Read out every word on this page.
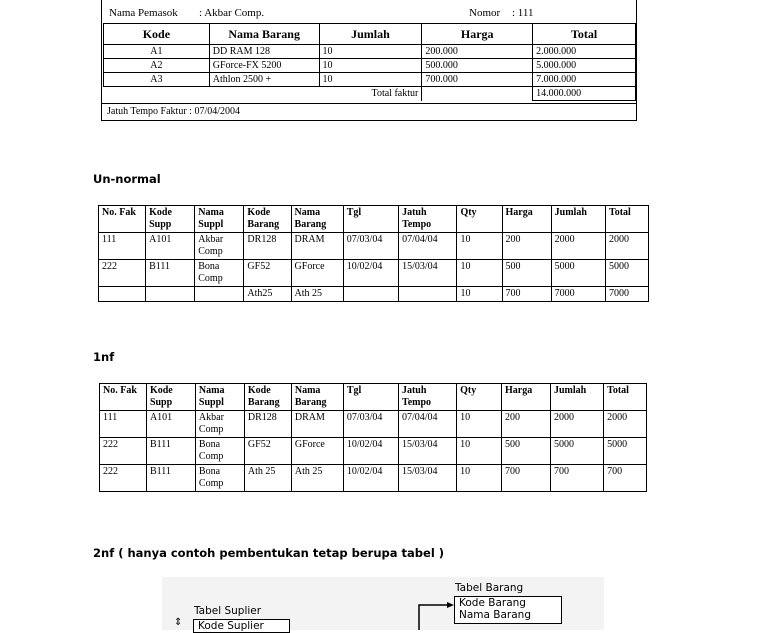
Nama Pemasok : Akbar Comp.	Nomor : 111
Kode	Nama Barang	Jumlah	Harga	Total
A1	DD RAM 128	10	200.000	2.000.000
A2	GForce-FX 5200	10	500.000	5.000.000
A3	Athlon 2500 +	10	700.000	7.000.000
Total faktur				14.000.000
Jatuh Tempo Faktur : 07/04/2004
Un-normal
No. Fak	Kode Supp	Nama Suppl	Kode Barang	Nama Barang	Tgl	Jatuh Tempo	Qty	Harga	Jumlah	Total
111	A101	Akbar Comp	DR128	DRAM	07/03/04	07/04/04	10	200	2000	2000
222	B111	Bona Comp	GF52	GForce	10/02/04	15/03/04	10	500	5000	5000
			Ath25	Ath 25			10	700	7000	7000
1nf
No. Fak	Kode Supp	Nama Suppl	Kode Barang	Nama Barang	Tgl	Jatuh Tempo	Qty	Harga	Jumlah	Total
111	A101	Akbar Comp	DR128	DRAM	07/03/04	07/04/04	10	200	2000	2000
222	B111	Bona Comp	GF52	GForce	10/02/04	15/03/04	10	500	5000	5000
222	B111	Bona Comp	Ath 25	Ath 25	10/02/04	15/03/04	10	700	700	700
2nf ( hanya contoh pembentukan tetap berupa tabel )
Tabel Barang
Kode Barang
Nama Barang
Tabel Suplier
Kode Suplier
⇕
